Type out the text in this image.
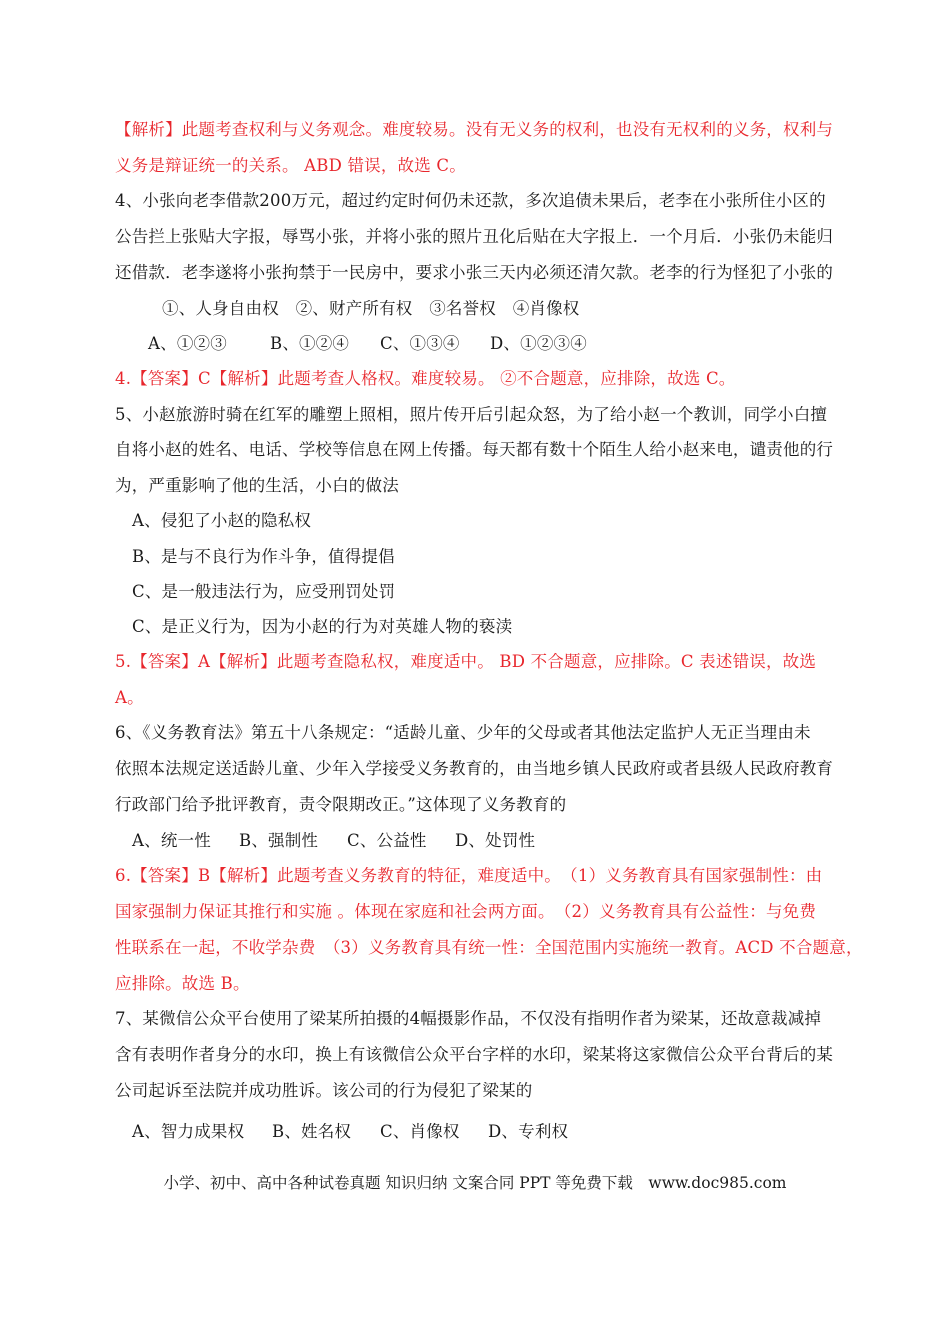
【解析】此题考查权利与义务观念。难度较易。没有无义务的权利，也没有无权利的义务，权利与
义务是辩证统一的关系。 ABD 错误，故选 C。
4、小张向老李借款200万元，超过约定时何仍未还款，多次追债未果后，老李在小张所住小区的
公告拦上张贴大字报，辱骂小张，并将小张的照片丑化后贴在大字报上．一个月后．小张仍未能归
还借款．老李遂将小张拘禁于一民房中，要求小张三天内必须还清欠款。老李的行为怪犯了小张的
①、人身自由权　②、财产所有权　③名誉权　④肖像权
A、①②③	B、①②④ C、①③④ D、①②③④
4.【答案】C【解析】此题考查人格权。难度较易。 ②不合题意，应排除，故选 C。
5、小赵旅游时骑在红军的雕塑上照相，照片传开后引起众怒，为了给小赵一个教训，同学小白擅
自将小赵的姓名、电话、学校等信息在网上传播。每天都有数十个陌生人给小赵来电，谴责他的行
为，严重影响了他的生活，小白的做法
A、侵犯了小赵的隐私权
B、是与不良行为作斗争，值得提倡
C、是一般违法行为，应受刑罚处罚
C、是正义行为，因为小赵的行为对英雄人物的亵渎
5.【答案】A【解析】此题考查隐私权，难度适中。 BD 不合题意，应排除。C 表述错误，故选
A。
6、《义务教育法》第五十八条规定：“适龄儿童、少年的父母或者其他法定监护人无正当理由未
依照本法规定送适龄儿童、少年入学接受义务教育的，由当地乡镇人民政府或者县级人民政府教育
行政部门给予批评教育，责令限期改正。”这体现了义务教育的
A、统一性 B、强制性 C、公益性 D、处罚性
6.【答案】B【解析】此题考查义务教育的特征，难度适中。　（1）义务教育具有国家强制性：由
国家强制力保证其推行和实施 。体现在家庭和社会两方面。　（2）义务教育具有公益性：与免费
性联系在一起，不收学杂费　（3）义务教育具有统一性：全国范围内实施统一教育。ACD 不合题意，
应排除。故选 B。
7、某微信公众平台使用了梁某所拍摄的4幅摄影作品，不仅没有指明作者为梁某，还故意裁减掉
含有表明作者身分的水印，换上有该微信公众平台字样的水印，梁某将这家微信公众平台背后的某
公司起诉至法院并成功胜诉。该公司的行为侵犯了梁某的
A、智力成果权 B、姓名权 C、肖像权 D、专利权
小学、初中、高中各种试卷真题 知识归纳 文案合同 PPT 等免费下载　www.doc985.com
